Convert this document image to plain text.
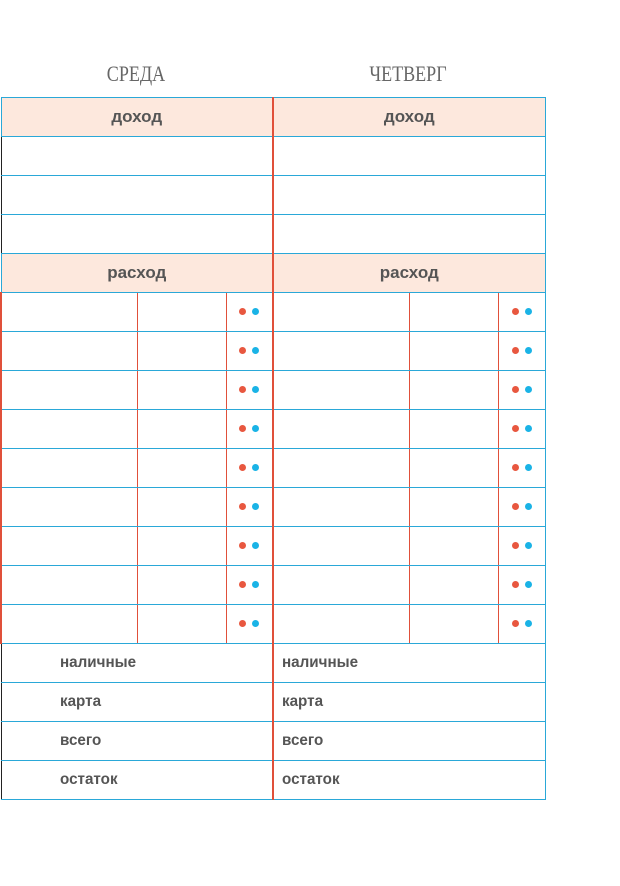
СРЕДА	ЧЕТВЕРГ
доход			доход		

расход			расход		

наличные			наличные		

карта			карта		

всего			всего		

остаток			остаток		
